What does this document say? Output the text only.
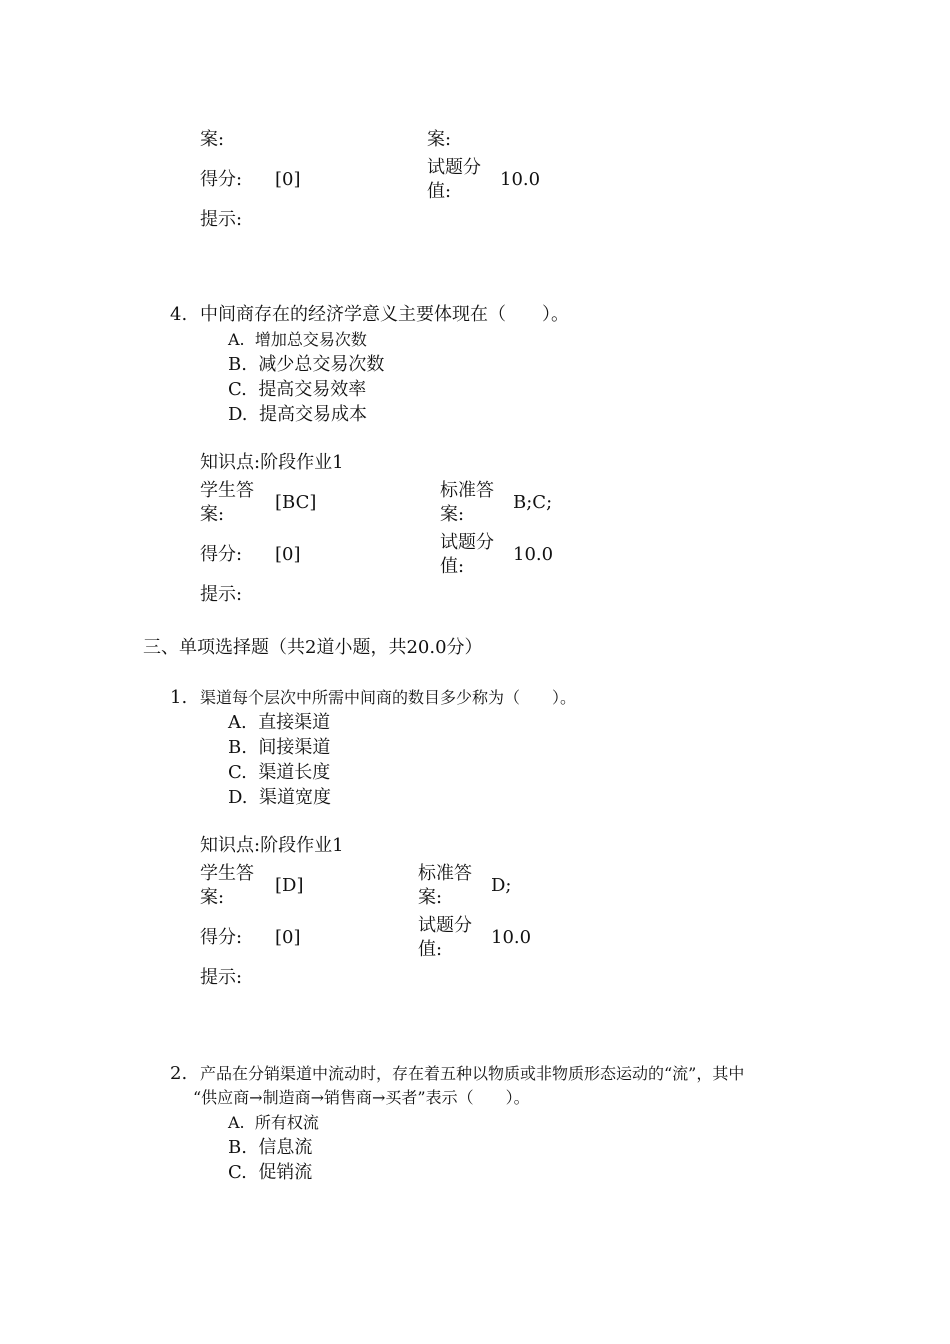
案:	案:
得分: [0]
试题分
值:
10.0
提示:
4. 中间商存在的经济学意义主要体现在（　　）。
A. 增加总交易次数
B. 减少总交易次数
C. 提高交易效率
D. 提高交易成本
知识点:阶段作业1
学生答
案:
[BC]
标准答
案:
B;C;
得分: [0]
试题分
值:
10.0
提示:
三、单项选择题（共2道小题，共20.0分）
1. 渠道每个层次中所需中间商的数目多少称为（　　）。
A. 直接渠道
B. 间接渠道
C. 渠道长度
D. 渠道宽度
知识点:阶段作业1
学生答
案:
[D]
标准答
案:
D;
得分: [0]
试题分
值:
10.0
提示:
2. 产品在分销渠道中流动时，存在着五种以物质或非物质形态运动的“流”，其中
“供应商→制造商→销售商→买者”表示（　　）。
A. 所有权流
B. 信息流
C. 促销流
